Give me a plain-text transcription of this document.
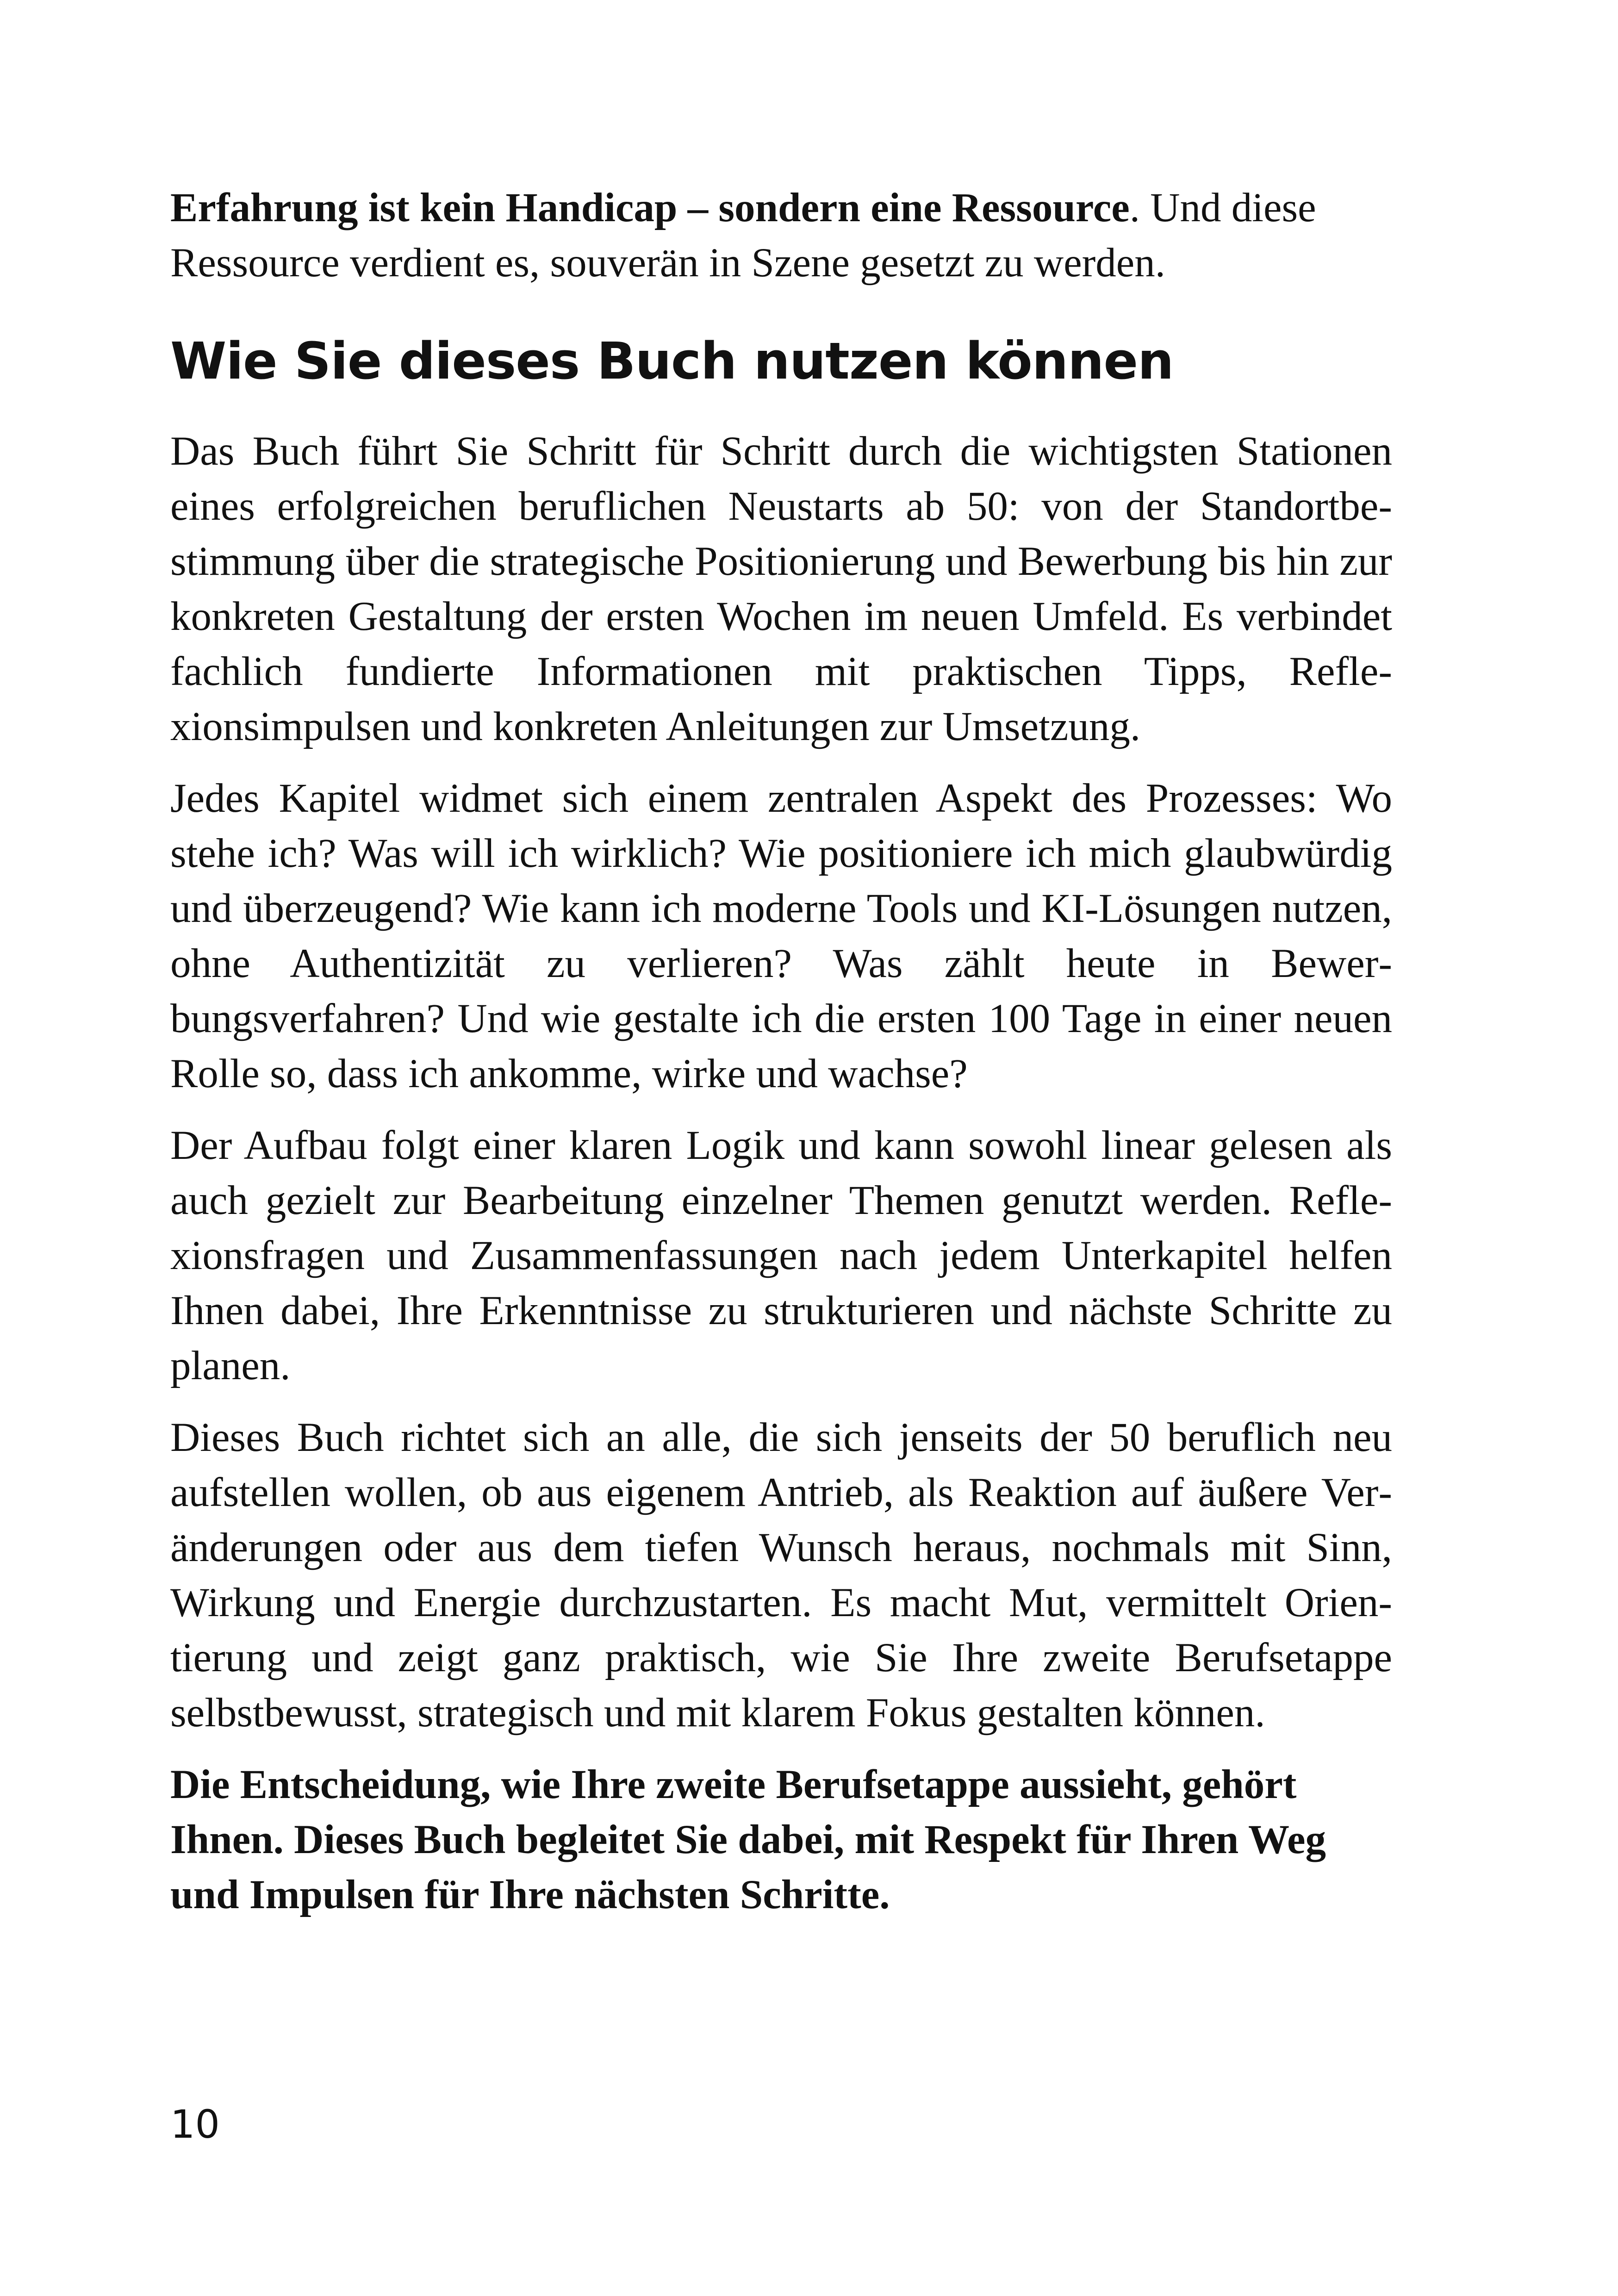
Erfahrung ist kein Handicap – sondern eine Ressource. Und diese Ressource verdient es, souverän in Szene gesetzt zu werden.

Wie Sie dieses Buch nutzen können

Das Buch führt Sie Schritt für Schritt durch die wichtigsten Stationen eines erfolgreichen beruflichen Neustarts ab 50: von der Standortbestimmung über die strategische Positionierung und Bewerbung bis hin zur konkreten Gestaltung der ersten Wochen im neuen Umfeld. Es verbindet fachlich fundierte Informationen mit praktischen Tipps, Reflexionsimpulsen und konkreten Anleitungen zur Umsetzung.

Jedes Kapitel widmet sich einem zentralen Aspekt des Prozesses: Wo stehe ich? Was will ich wirklich? Wie positioniere ich mich glaubwürdig und überzeugend? Wie kann ich moderne Tools und KI-Lösungen nutzen, ohne Authentizität zu verlieren? Was zählt heute in Bewerbungsverfahren? Und wie gestalte ich die ersten 100 Tage in einer neuen Rolle so, dass ich ankomme, wirke und wachse?

Der Aufbau folgt einer klaren Logik und kann sowohl linear gelesen als auch gezielt zur Bearbeitung einzelner Themen genutzt werden. Reflexionsfragen und Zusammenfassungen nach jedem Unterkapitel helfen Ihnen dabei, Ihre Erkenntnisse zu strukturieren und nächste Schritte zu planen.

Dieses Buch richtet sich an alle, die sich jenseits der 50 beruflich neu aufstellen wollen, ob aus eigenem Antrieb, als Reaktion auf äußere Veränderungen oder aus dem tiefen Wunsch heraus, nochmals mit Sinn, Wirkung und Energie durchzustarten. Es macht Mut, vermittelt Orientierung und zeigt ganz praktisch, wie Sie Ihre zweite Berufsetappe selbstbewusst, strategisch und mit klarem Fokus gestalten können.

Die Entscheidung, wie Ihre zweite Berufsetappe aussieht, gehört Ihnen. Dieses Buch begleitet Sie dabei, mit Respekt für Ihren Weg und Impulsen für Ihre nächsten Schritte.

10
